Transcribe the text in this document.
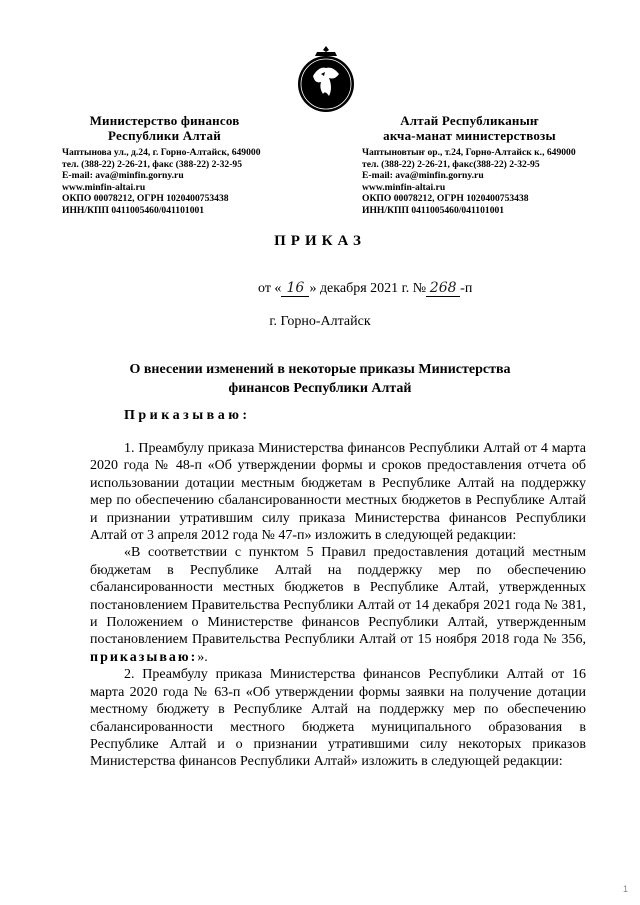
Министерство финансов
Республики Алтай
Чаптынова ул., д.24, г. Горно-Алтайск, 649000
тел. (388-22) 2-26-21, факс (388-22) 2-32-95
E-mail: ava@minfin.gorny.ru
www.minfin-altai.ru
ОКПО 00078212, ОГРН 1020400753438
ИНН/КПП 0411005460/041101001
Алтай Республиканыҥ
акча-манат министерствозы
Чаптыновтыҥ ор., т.24, Горно-Алтайск к., 649000
тел. (388-22) 2-26-21, факс(388-22) 2-32-95
E-mail: ava@minfin.gorny.ru
www.minfin-altai.ru
ОКПО 00078212, ОГРН 1020400753438
ИНН/КПП 0411005460/041101001
ПРИКАЗ
от « 16 » декабря 2021 г. № 268 -п
г. Горно-Алтайск
О внесении изменений в некоторые приказы Министерства финансов Республики Алтай
Приказываю:

1. Преамбулу приказа Министерства финансов Республики Алтай от 4 марта 2020 года № 48-п «Об утверждении формы и сроков предоставления отчета об использовании дотации местным бюджетам в Республике Алтай на поддержку мер по обеспечению сбалансированности местных бюджетов в Республике Алтай и признании утратившим силу приказа Министерства финансов Республики Алтай от 3 апреля 2012 года № 47-п» изложить в следующей редакции:

«В соответствии с пунктом 5 Правил предоставления дотаций местным бюджетам в Республике Алтай на поддержку мер по обеспечению сбалансированности местных бюджетов в Республике Алтай, утвержденных постановлением Правительства Республики Алтай от 14 декабря 2021 года № 381, и Положением о Министерстве финансов Республики Алтай, утвержденным постановлением Правительства Республики Алтай от 15 ноября 2018 года № 356, приказываю:».

2. Преамбулу приказа Министерства финансов Республики Алтай от 16 марта 2020 года № 63-п «Об утверждении формы заявки на получение дотации местному бюджету в Республике Алтай на поддержку мер по обеспечению сбалансированности местного бюджета муниципального образования в Республике Алтай и о признании утратившими силу некоторых приказов Министерства финансов Республики Алтай» изложить в следующей редакции:

1
